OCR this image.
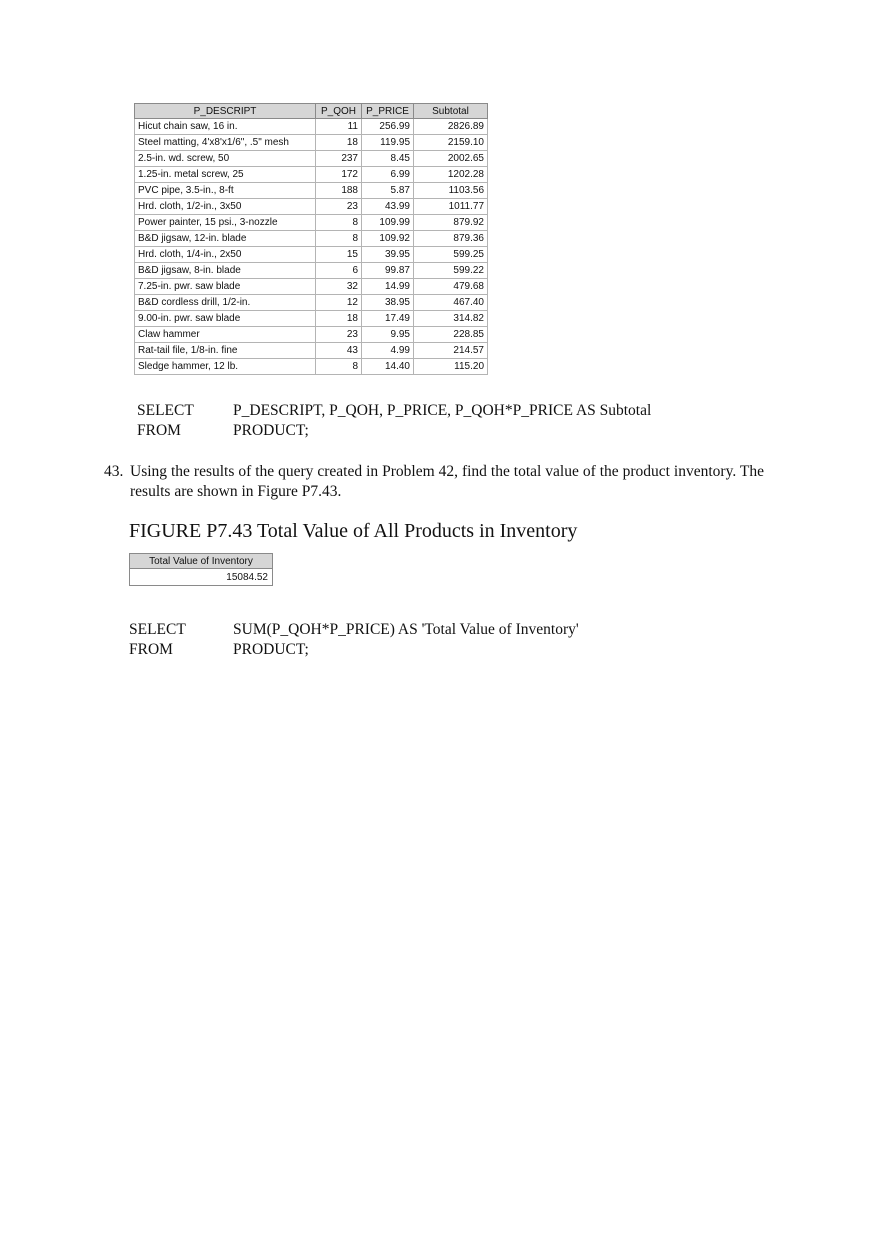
P_DESCRIPT	P_QOH	P_PRICE	Subtotal
Hicut chain saw, 16 in.	11	256.99	2826.89
Steel matting, 4'x8'x1/6", .5" mesh	18	119.95	2159.10
2.5-in. wd. screw, 50	237	8.45	2002.65
1.25-in. metal screw, 25	172	6.99	1202.28
PVC pipe, 3.5-in., 8-ft	188	5.87	1103.56
Hrd. cloth, 1/2-in., 3x50	23	43.99	1011.77
Power painter, 15 psi., 3-nozzle	8	109.99	879.92
B&D jigsaw, 12-in. blade	8	109.92	879.36
Hrd. cloth, 1/4-in., 2x50	15	39.95	599.25
B&D jigsaw, 8-in. blade	6	99.87	599.22
7.25-in. pwr. saw blade	32	14.99	479.68
B&D cordless drill, 1/2-in.	12	38.95	467.40
9.00-in. pwr. saw blade	18	17.49	314.82
Claw hammer	23	9.95	228.85
Rat-tail file, 1/8-in. fine	43	4.99	214.57
Sledge hammer, 12 lb.	8	14.40	115.20
SELECT	P_DESCRIPT, P_QOH, P_PRICE, P_QOH*P_PRICE AS Subtotal
FROM	PRODUCT;
43. Using the results of the query created in Problem 42, find the total value of the product inventory. The results are shown in Figure P7.43.
FIGURE P7.43 Total Value of All Products in Inventory
Total Value of Inventory
15084.52
SELECT	SUM(P_QOH*P_PRICE) AS 'Total Value of Inventory'
FROM	PRODUCT;
